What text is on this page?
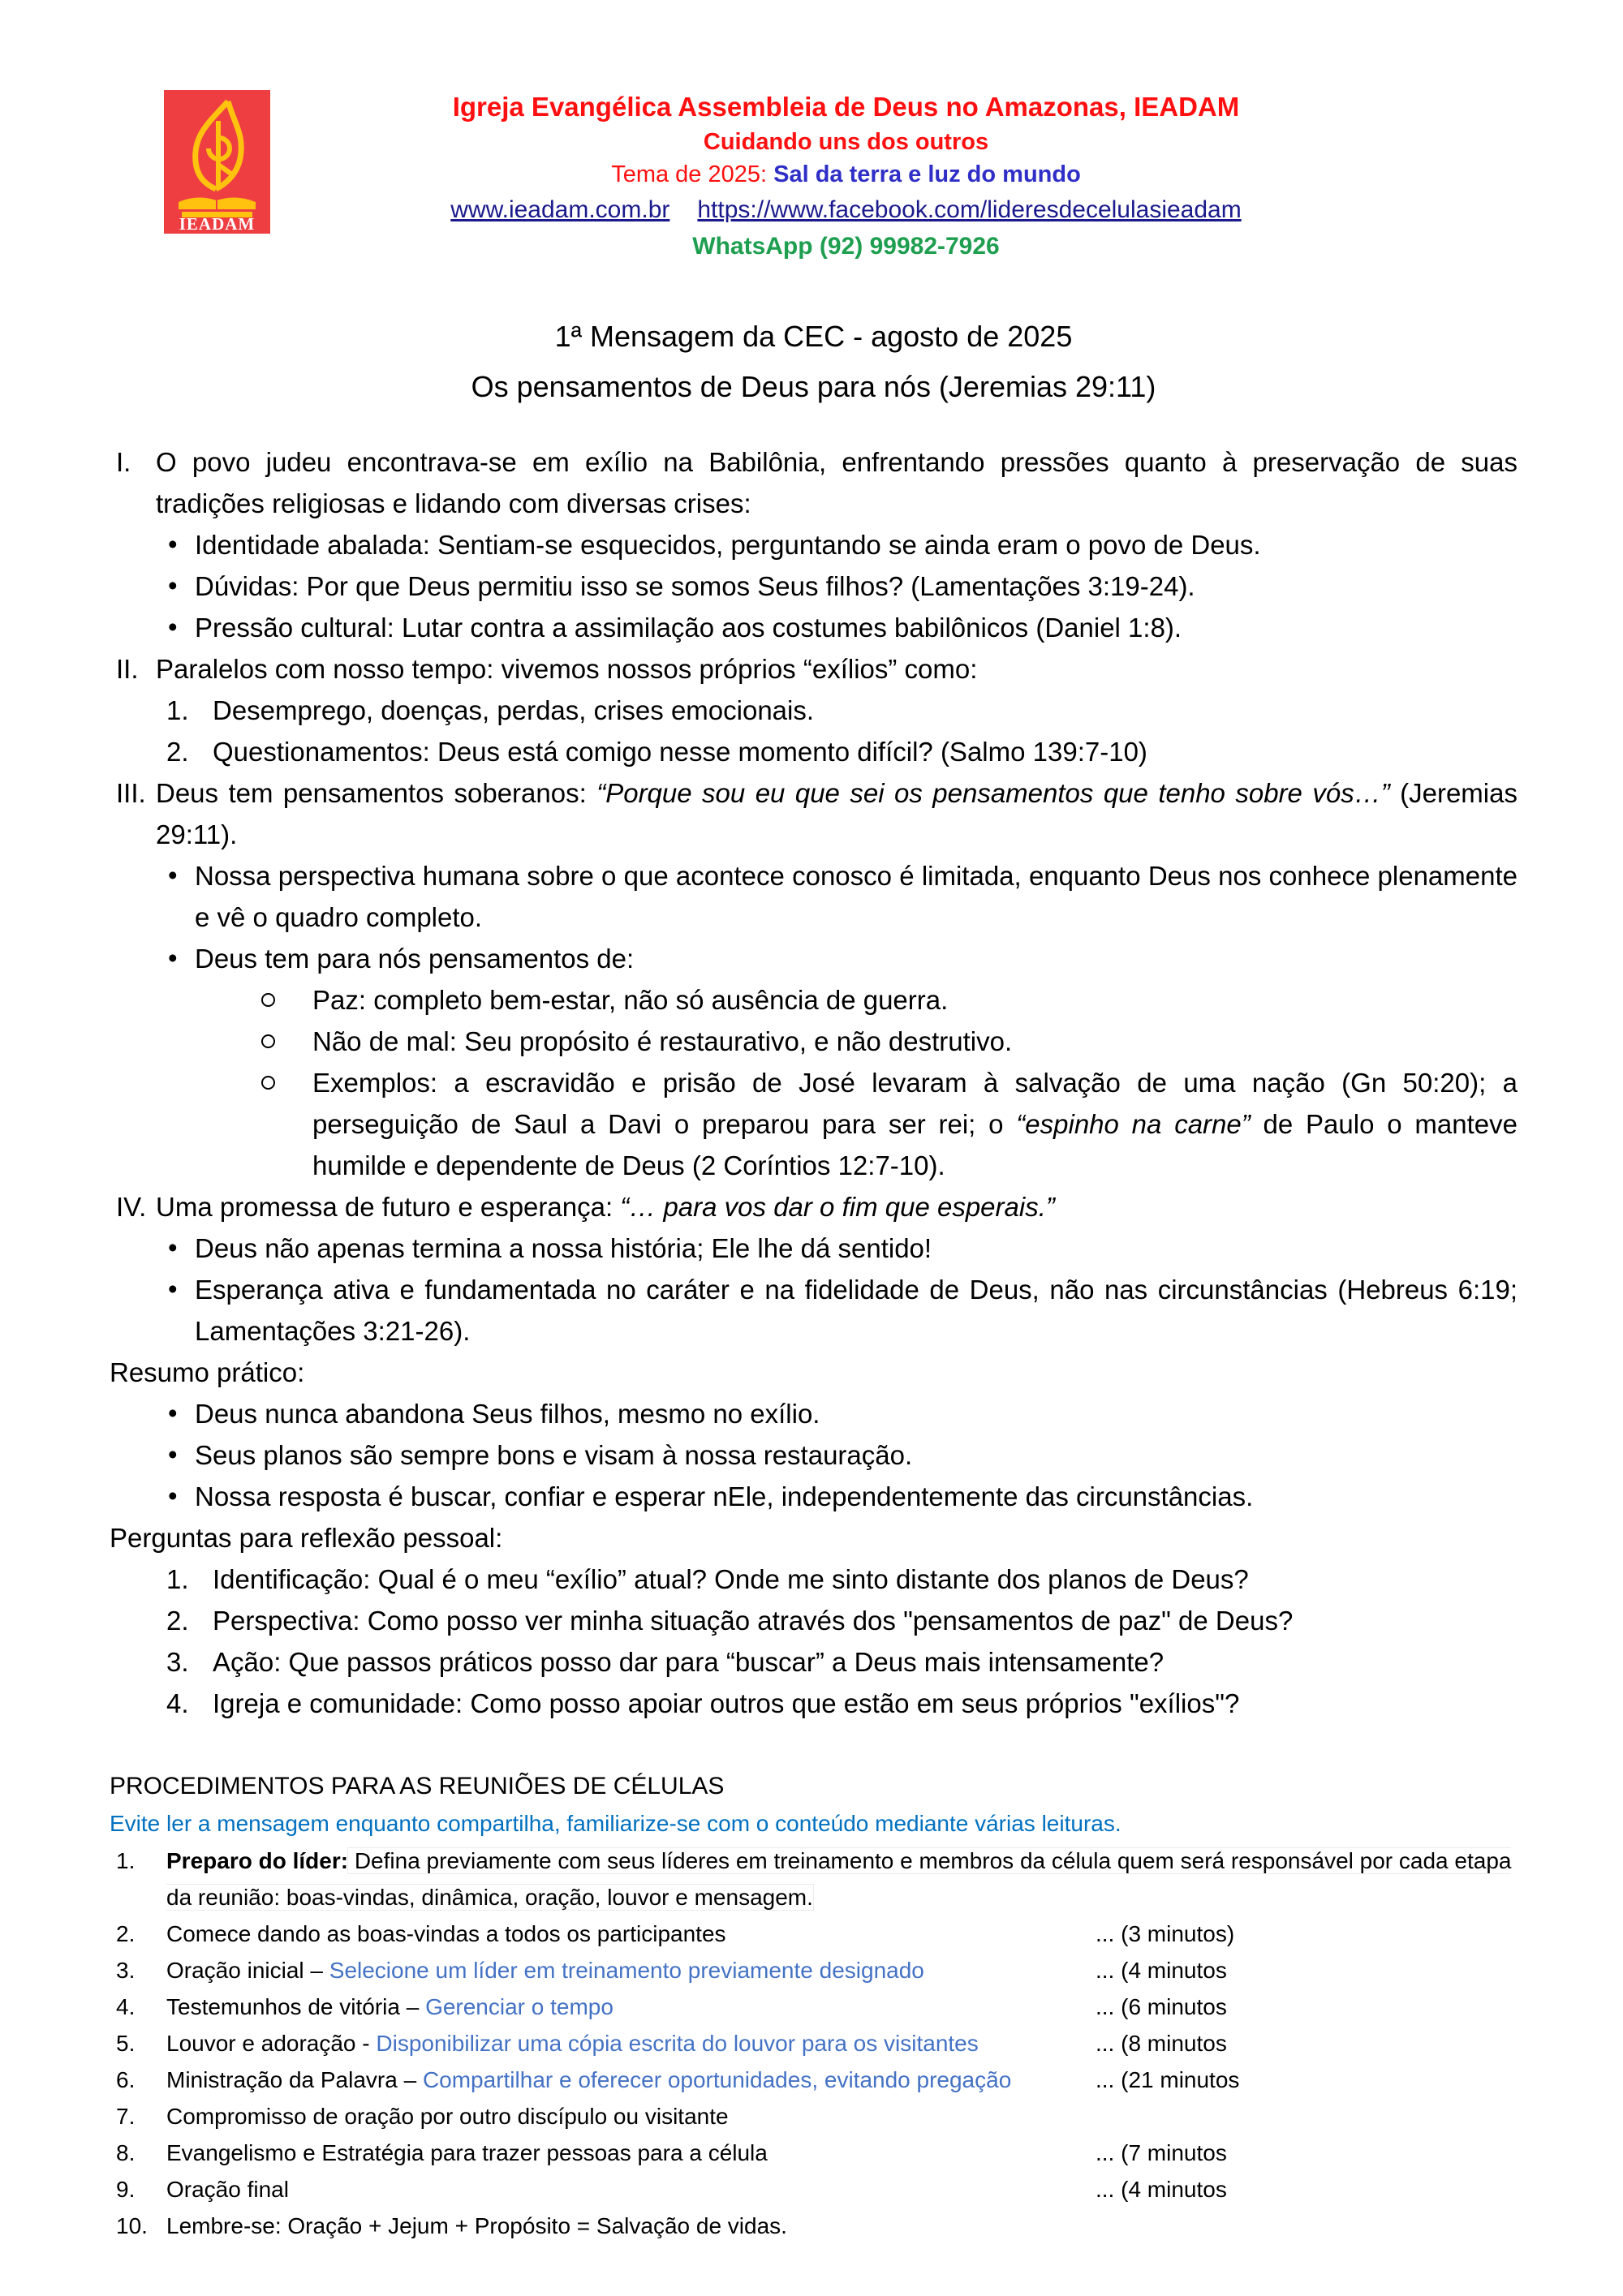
IEADAM
Igreja Evangélica Assembleia de Deus no Amazonas, IEADAM
Cuidando uns dos outros
Tema de 2025: Sal da terra e luz do mundo
www.ieadam.com.br https://www.facebook.com/lideresdecelulasieadam
WhatsApp (92) 99982-7926
1ª Mensagem da CEC - agosto de 2025
Os pensamentos de Deus para nós (Jeremias 29:11)
I. O povo judeu encontrava-se em exílio na Babilônia, enfrentando pressões quanto à preservação de suas tradições religiosas e lidando com diversas crises:
• Identidade abalada: Sentiam-se esquecidos, perguntando se ainda eram o povo de Deus.
• Dúvidas: Por que Deus permitiu isso se somos Seus filhos? (Lamentações 3:19-24).
• Pressão cultural: Lutar contra a assimilação aos costumes babilônicos (Daniel 1:8).
II. Paralelos com nosso tempo: vivemos nossos próprios “exílios” como:
1. Desemprego, doenças, perdas, crises emocionais.
2. Questionamentos: Deus está comigo nesse momento difícil? (Salmo 139:7-10)
III. Deus tem pensamentos soberanos: “Porque sou eu que sei os pensamentos que tenho sobre vós…” (Jeremias 29:11).
• Nossa perspectiva humana sobre o que acontece conosco é limitada, enquanto Deus nos conhece plenamente e vê o quadro completo.
• Deus tem para nós pensamentos de:
Paz: completo bem-estar, não só ausência de guerra.
Não de mal: Seu propósito é restaurativo, e não destrutivo.
Exemplos: a escravidão e prisão de José levaram à salvação de uma nação (Gn 50:20); a perseguição de Saul a Davi o preparou para ser rei; o “espinho na carne” de Paulo o manteve humilde e dependente de Deus (2 Coríntios 12:7-10).
IV. Uma promessa de futuro e esperança: “… para vos dar o fim que esperais.”
• Deus não apenas termina a nossa história; Ele lhe dá sentido!
• Esperança ativa e fundamentada no caráter e na fidelidade de Deus, não nas circunstâncias (Hebreus 6:19; Lamentações 3:21-26).
Resumo prático:
• Deus nunca abandona Seus filhos, mesmo no exílio.
• Seus planos são sempre bons e visam à nossa restauração.
• Nossa resposta é buscar, confiar e esperar nEle, independentemente das circunstâncias.
Perguntas para reflexão pessoal:
1. Identificação: Qual é o meu “exílio” atual? Onde me sinto distante dos planos de Deus?
2. Perspectiva: Como posso ver minha situação através dos "pensamentos de paz" de Deus?
3. Ação: Que passos práticos posso dar para “buscar” a Deus mais intensamente?
4. Igreja e comunidade: Como posso apoiar outros que estão em seus próprios "exílios"?
PROCEDIMENTOS PARA AS REUNIÕES DE CÉLULAS
Evite ler a mensagem enquanto compartilha, familiarize-se com o conteúdo mediante várias leituras.
1. Preparo do líder: Defina previamente com seus líderes em treinamento e membros da célula quem será responsável por cada etapa da reunião: boas-vindas, dinâmica, oração, louvor e mensagem.
2. Comece dando as boas-vindas a todos os participantes	... (3 minutos)
3. Oração inicial – Selecione um líder em treinamento previamente designado	... (4 minutos
4. Testemunhos de vitória – Gerenciar o tempo	... (6 minutos
5. Louvor e adoração - Disponibilizar uma cópia escrita do louvor para os visitantes	... (8 minutos
6. Ministração da Palavra – Compartilhar e oferecer oportunidades, evitando pregação	... (21 minutos
7. Compromisso de oração por outro discípulo ou visitante
8. Evangelismo e Estratégia para trazer pessoas para a célula	... (7 minutos
9. Oração final	... (4 minutos
10. Lembre-se: Oração + Jejum + Propósito = Salvação de vidas.
